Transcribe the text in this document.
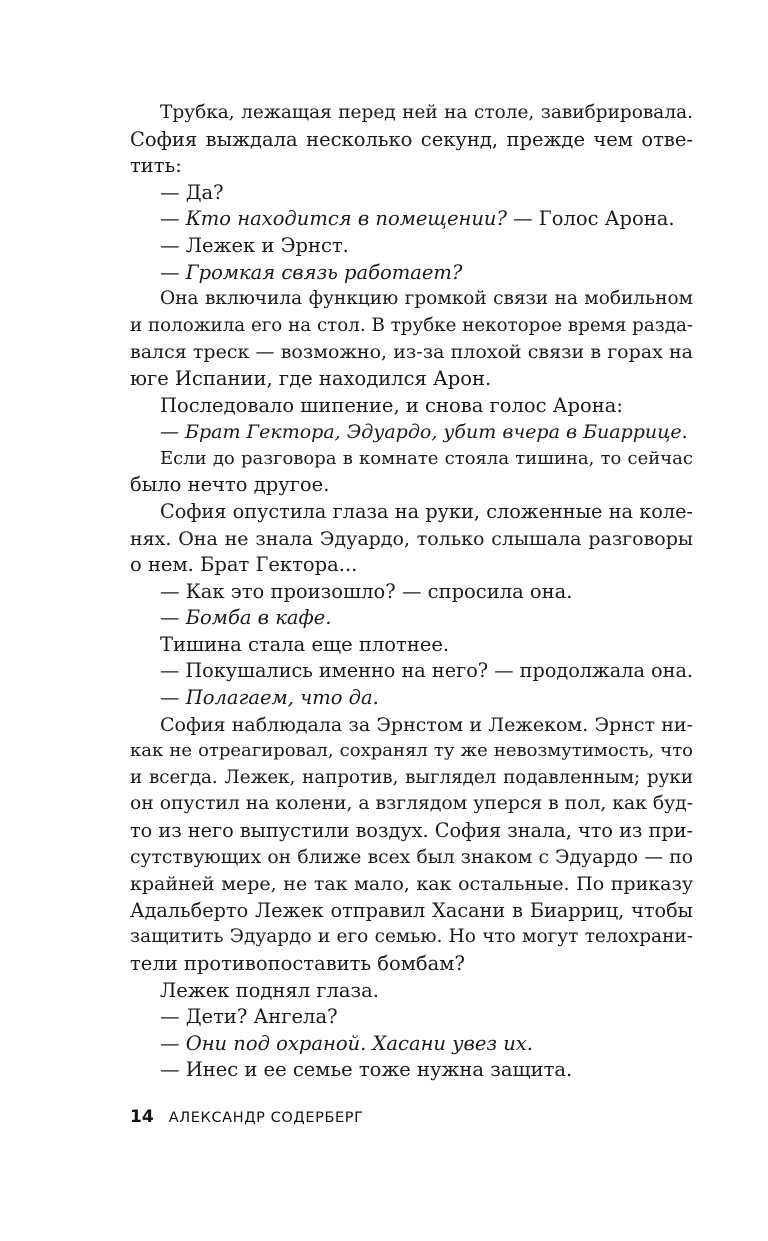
Трубка, лежащая перед ней на столе, завибрировала.
София выждала несколько секунд, прежде чем отве-
тить:
— Да?
— Кто находится в помещении? — Голос Арона.
— Лежек и Эрнст.
— Громкая связь работает?
Она включила функцию громкой связи на мобильном
и положила его на стол. В трубке некоторое время разда-
вался треск — возможно, из-за плохой связи в горах на
юге Испании, где находился Арон.
Последовало шипение, и снова голос Арона:
— Брат Гектора, Эдуардо, убит вчера в Биаррице.
Если до разговора в комнате стояла тишина, то сейчас
было нечто другое.
София опустила глаза на руки, сложенные на коле-
нях. Она не знала Эдуардо, только слышала разговоры
о нем. Брат Гектора...
— Как это произошло? — спросила она.
— Бомба в кафе.
Тишина стала еще плотнее.
— Покушались именно на него? — продолжала она.
— Полагаем, что да.
София наблюдала за Эрнстом и Лежеком. Эрнст ни-
как не отреагировал, сохранял ту же невозмутимость, что
и всегда. Лежек, напротив, выглядел подавленным; руки
он опустил на колени, а взглядом уперся в пол, как буд-
то из него выпустили воздух. София знала, что из при-
сутствующих он ближе всех был знаком с Эдуардо — по
крайней мере, не так мало, как остальные. По приказу
Адальберто Лежек отправил Хасани в Биарриц, чтобы
защитить Эдуардо и его семью. Но что могут телохрани-
тели противопоставить бомбам?
Лежек поднял глаза.
— Дети? Ангела?
— Они под охраной. Хасани увез их.
— Инес и ее семье тоже нужна защита.
14 АЛЕКСАНДР СОДЕРБЕРГ
